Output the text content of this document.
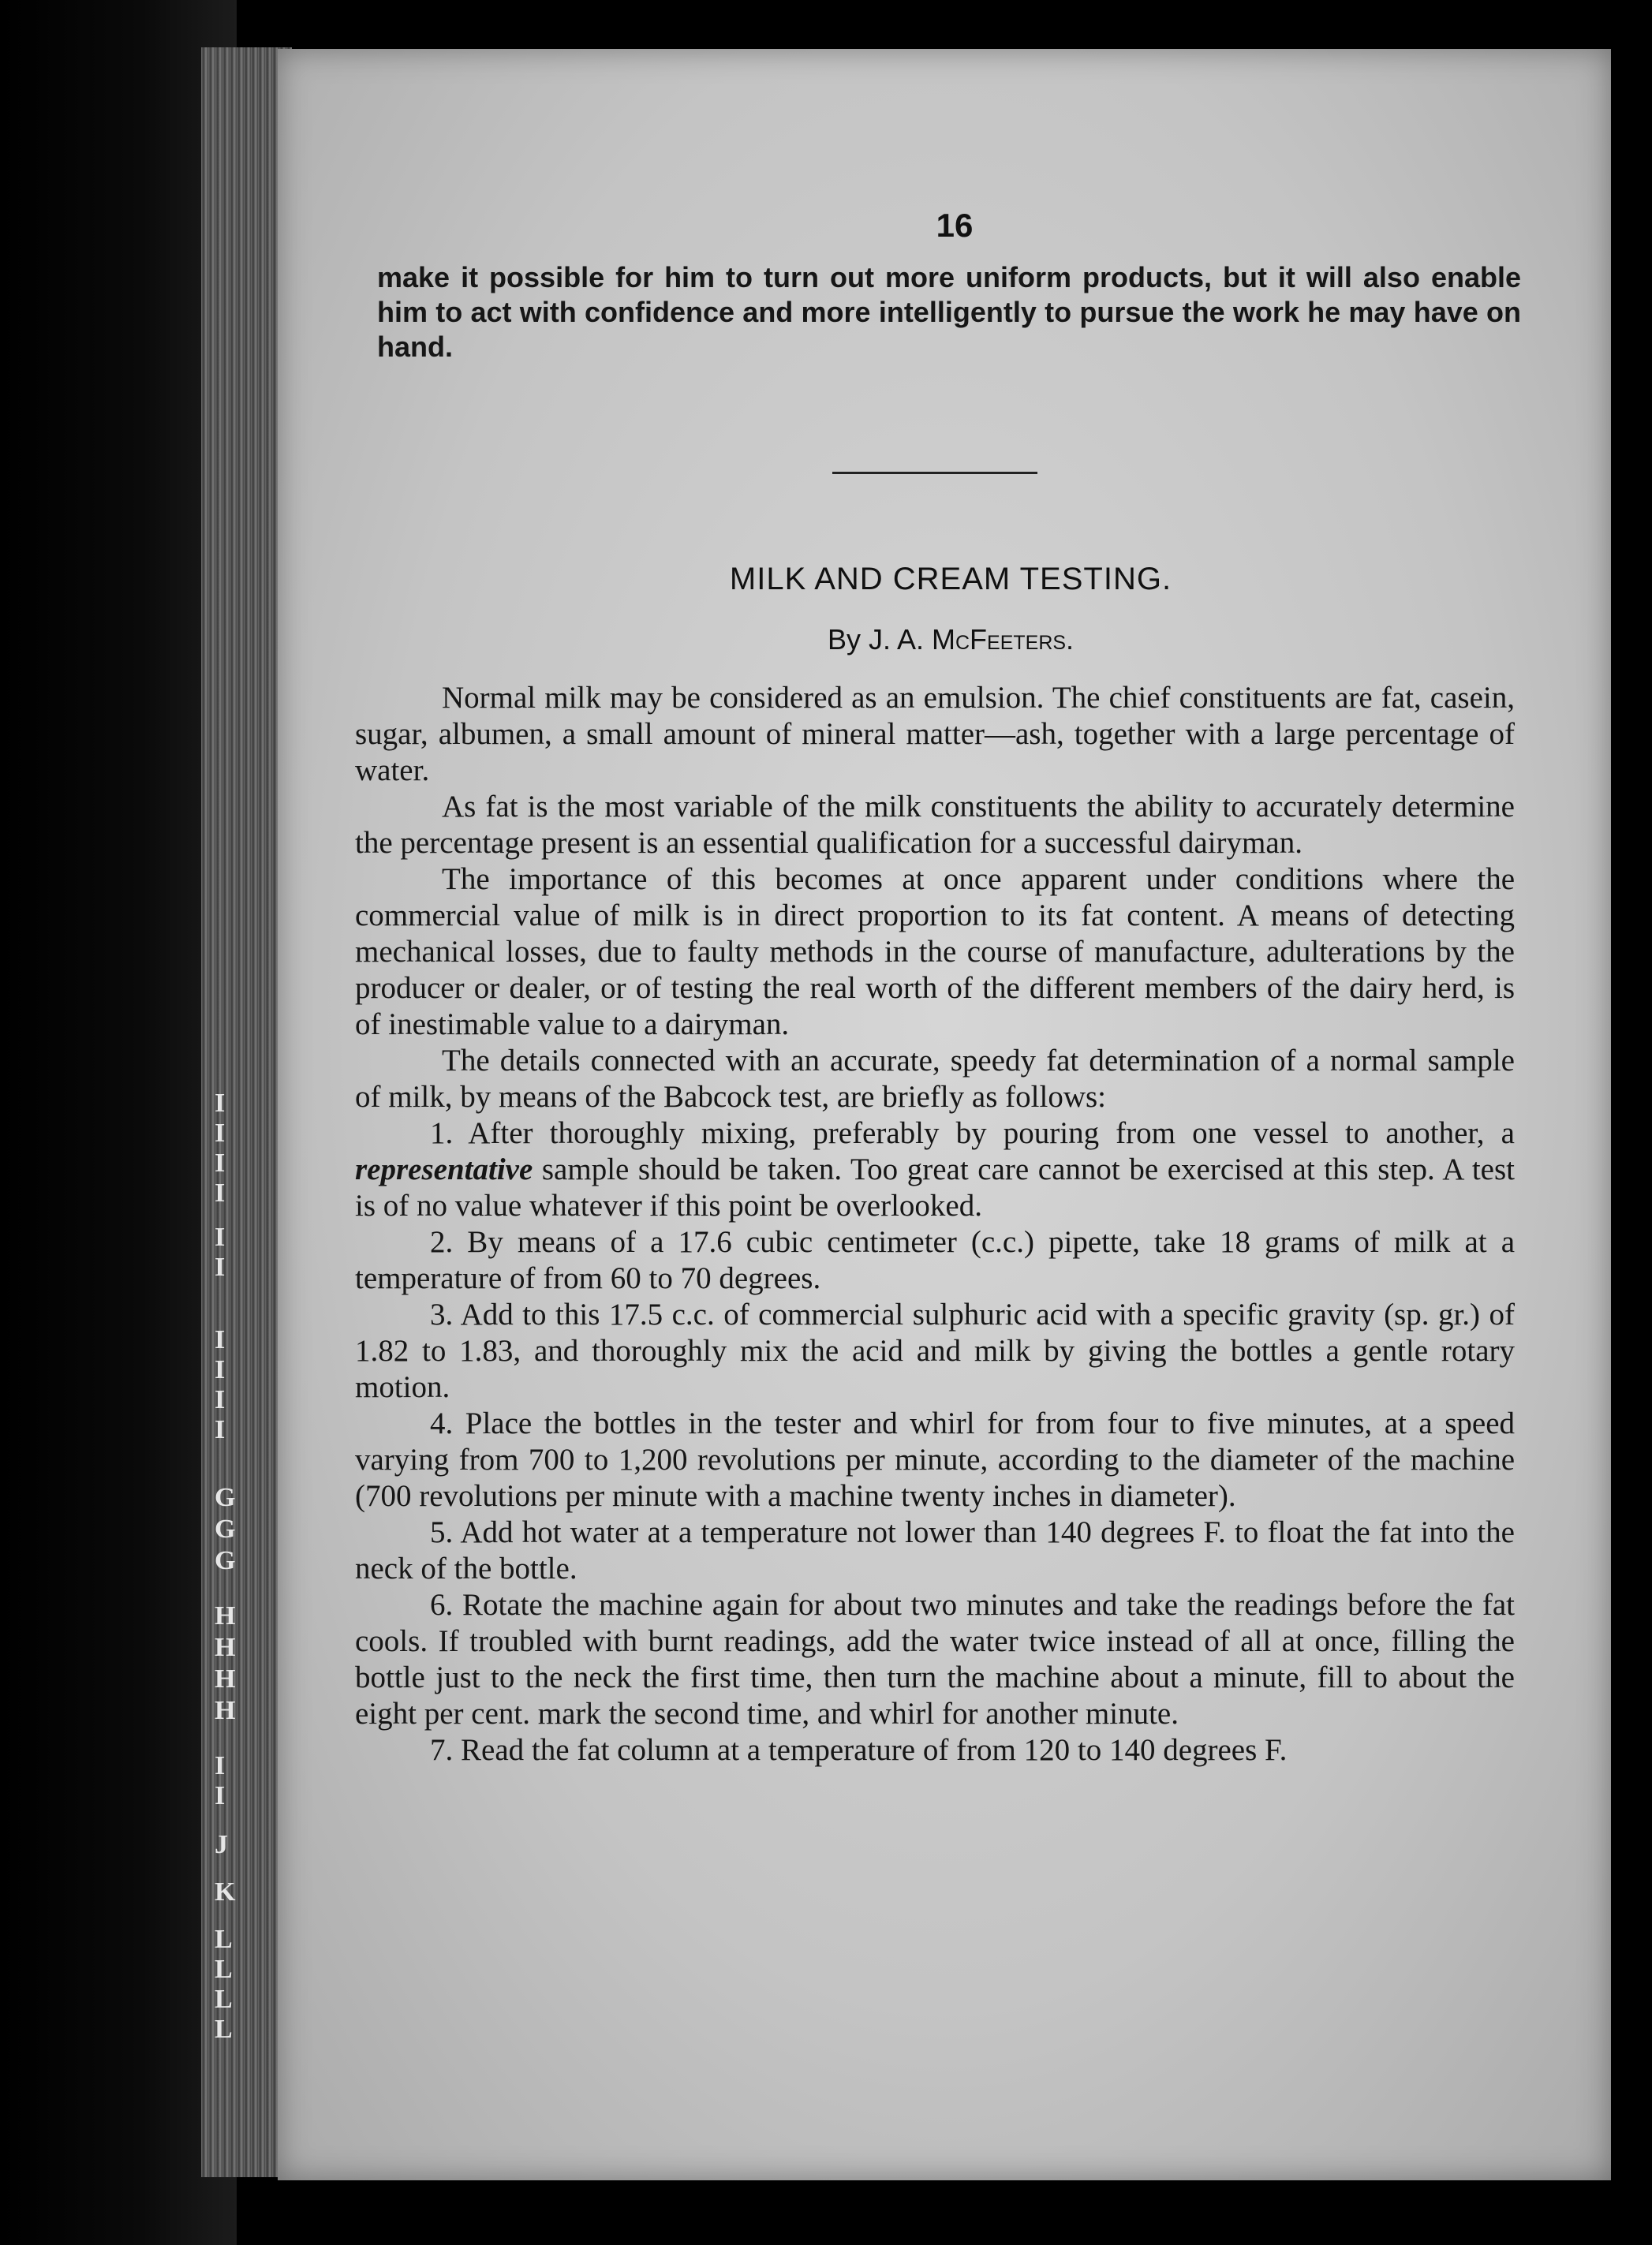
I
I
I
I
I
I
I
I
I
I
G
G
G
H
H
H
H
I
I
J
K
L
L
L
L
16
make it possible for him to turn out more uniform products, but it will also enable him to act with confidence and more intelligently to pursue the work he may have on hand.
MILK AND CREAM TESTING.
By J. A. McFeeters.

Normal milk may be considered as an emulsion. The chief constituents are fat, casein, sugar, albumen, a small amount of mineral matter—ash, together with a large percentage of water.

As fat is the most variable of the milk constituents the ability to accurately determine the percentage present is an essential qualification for a successful dairyman.

The importance of this becomes at once apparent under conditions where the commercial value of milk is in direct proportion to its fat content. A means of detecting mechanical losses, due to faulty methods in the course of manufacture, adulterations by the producer or dealer, or of testing the real worth of the different members of the dairy herd, is of inestimable value to a dairyman.

The details connected with an accurate, speedy fat determination of a normal sample of milk, by means of the Babcock test, are briefly as follows:

1. After thoroughly mixing, preferably by pouring from one vessel to another, a representative sample should be taken. Too great care cannot be exercised at this step. A test is of no value whatever if this point be overlooked.

2. By means of a 17.6 cubic centimeter (c.c.) pipette, take 18 grams of milk at a temperature of from 60 to 70 degrees.

3. Add to this 17.5 c.c. of commercial sulphuric acid with a specific gravity (sp. gr.) of 1.82 to 1.83, and thoroughly mix the acid and milk by giving the bottles a gentle rotary motion.

4. Place the bottles in the tester and whirl for from four to five minutes, at a speed varying from 700 to 1,200 revolutions per minute, according to the diameter of the machine (700 revolutions per minute with a machine twenty inches in diameter).

5. Add hot water at a temperature not lower than 140 degrees F. to float the fat into the neck of the bottle.

6. Rotate the machine again for about two minutes and take the readings before the fat cools. If troubled with burnt readings, add the water twice instead of all at once, filling the bottle just to the neck the first time, then turn the machine about a minute, fill to about the eight per cent. mark the second time, and whirl for another minute.

7. Read the fat column at a temperature of from 120 to 140 degrees F.
